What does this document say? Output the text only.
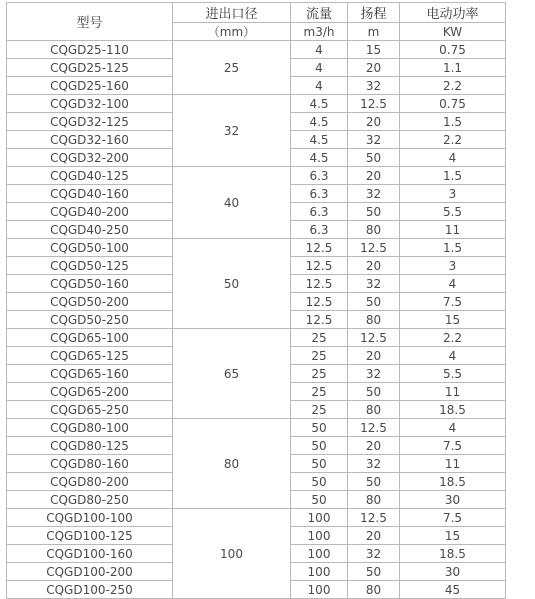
型号	进出口径	流量	扬程	电动功率
	（mm）	m3/h	m	KW
CQGD25-110	25	4	15	0.75
CQGD25-125		4	20	1.1
CQGD25-160		4	32	2.2
CQGD32-100	32	4.5	12.5	0.75
CQGD32-125		4.5	20	1.5
CQGD32-160		4.5	32	2.2
CQGD32-200		4.5	50	4
CQGD40-125	40	6.3	20	1.5
CQGD40-160		6.3	32	3
CQGD40-200		6.3	50	5.5
CQGD40-250		6.3	80	11
CQGD50-100	50	12.5	12.5	1.5
CQGD50-125		12.5	20	3
CQGD50-160		12.5	32	4
CQGD50-200		12.5	50	7.5
CQGD50-250		12.5	80	15
CQGD65-100	65	25	12.5	2.2
CQGD65-125		25	20	4
CQGD65-160		25	32	5.5
CQGD65-200		25	50	11
CQGD65-250		25	80	18.5
CQGD80-100	80	50	12.5	4
CQGD80-125		50	20	7.5
CQGD80-160		50	32	11
CQGD80-200		50	50	18.5
CQGD80-250		50	80	30
CQGD100-100	100	100	12.5	7.5
CQGD100-125		100	20	15
CQGD100-160		100	32	18.5
CQGD100-200		100	50	30
CQGD100-250		100	80	45
